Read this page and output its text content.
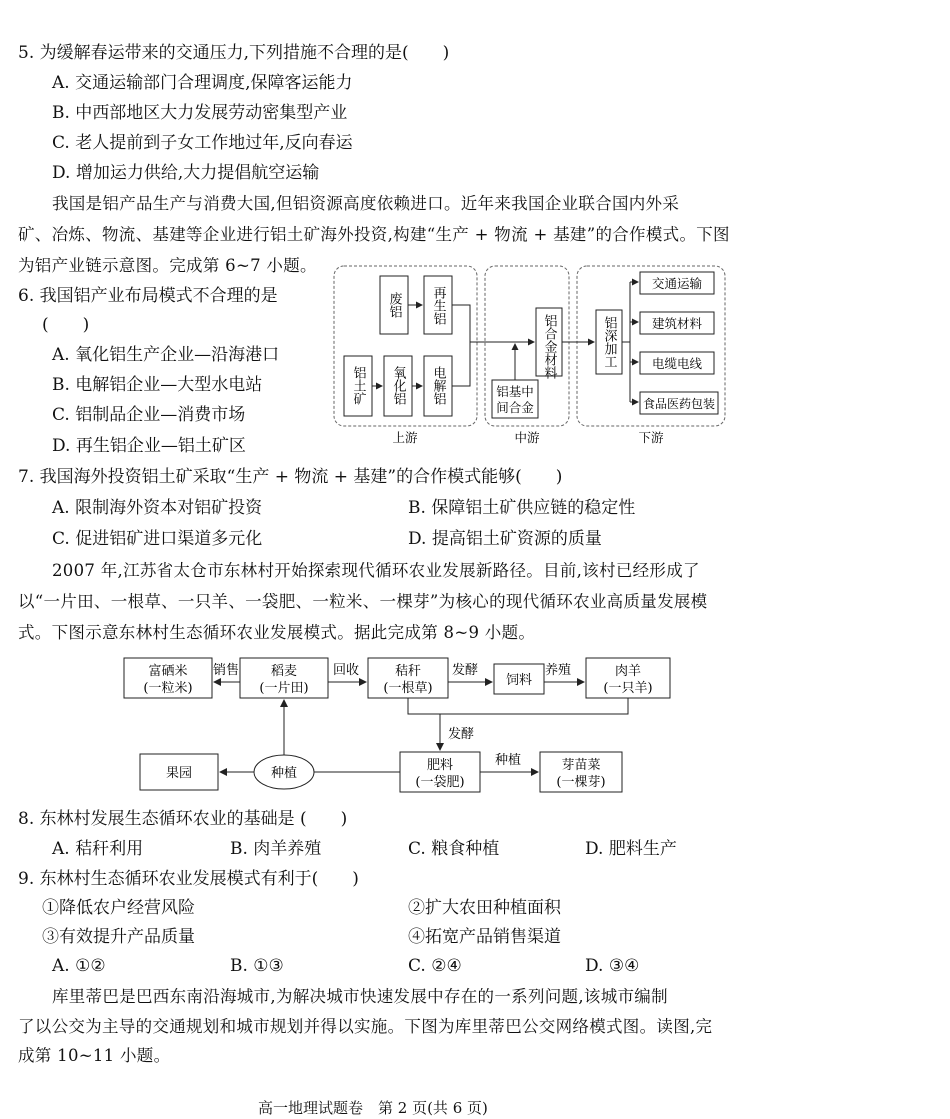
5. 为缓解春运带来的交通压力,下列措施不合理的是(　　)
A. 交通运输部门合理调度,保障客运能力
B. 中西部地区大力发展劳动密集型产业
C. 老人提前到子女工作地过年,反向春运
D. 增加运力供给,大力提倡航空运输
我国是铝产品生产与消费大国,但铝资源高度依赖进口。近年来我国企业联合国内外采
矿、冶炼、物流、基建等企业进行铝土矿海外投资,构建“生产 + 物流 + 基建”的合作模式。下图
为铝产业链示意图。完成第 6~7 小题。
6. 我国铝产业布局模式不合理的是
(　　)
A. 氧化铝生产企业—沿海港口
B. 电解铝企业—大型水电站
C. 铝制品企业—消费市场
D. 再生铝企业—铝土矿区
废铝 再生铝
铝土矿 氧化铝 电解铝
铝合金材料
铝基中
间合金
铝深加工
交通运输
建筑材料
电缆电线
食品医药包装
上游	中游	下游
7. 我国海外投资铝土矿采取“生产 + 物流 + 基建”的合作模式能够(　　)
A. 限制海外资本对铝矿投资	B. 保障铝土矿供应链的稳定性
C. 促进铝矿进口渠道多元化	D. 提高铝土矿资源的质量
2007 年,江苏省太仓市东林村开始探索现代循环农业发展新路径。目前,该村已经形成了
以“一片田、一根草、一只羊、一袋肥、一粒米、一棵芽”为核心的现代循环农业高质量发展模
式。下图示意东林村生态循环农业发展模式。据此完成第 8~9 小题。
富硒米
(一粒米)
稻麦
(一片田)
秸秆
(一根草)
饲料
肉羊
(一只羊)
销售	回收	发酵	养殖
发酵
果园	种植
肥料
(一袋肥)
芽苗菜
(一棵芽)
种植
8. 东林村发展生态循环农业的基础是 (　　)
A. 秸秆利用	B. 肉羊养殖	C. 粮食种植	D. 肥料生产
9. 东林村生态循环农业发展模式有利于(　　)
①降低农户经营风险	②扩大农田种植面积
③有效提升产品质量	④拓宽产品销售渠道
A. ①②	B. ①③	C. ②④	D. ③④
库里蒂巴是巴西东南沿海城市,为解决城市快速发展中存在的一系列问题,该城市编制
了以公交为主导的交通规划和城市规划并得以实施。下图为库里蒂巴公交网络模式图。读图,完
成第 10~11 小题。
高一地理试题卷　第 2 页(共 6 页)
